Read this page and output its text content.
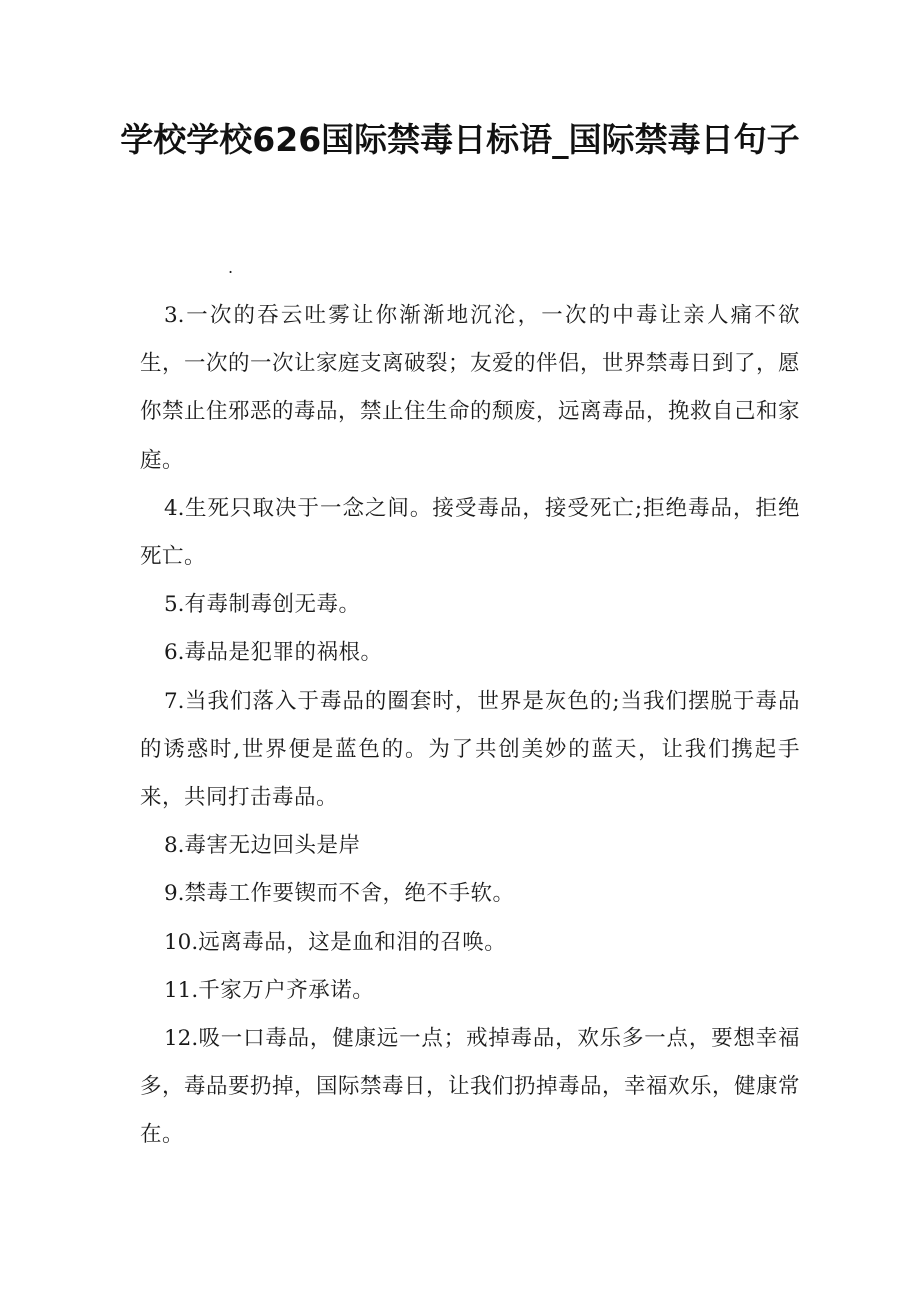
学校学校626国际禁毒日标语_国际禁毒日句子
.

3.一次的吞云吐雾让你渐渐地沉沦，一次的中毒让亲人痛不欲生，一次的一次让家庭支离破裂；友爱的伴侣，世界禁毒日到了，愿你禁止住邪恶的毒品，禁止住生命的颓废，远离毒品，挽救自己和家庭。

4.生死只取决于一念之间。接受毒品，接受死亡;拒绝毒品，拒绝死亡。

5.有毒制毒创无毒。

6.毒品是犯罪的祸根。

7.当我们落入于毒品的圈套时，世界是灰色的;当我们摆脱于毒品的诱惑时,世界便是蓝色的。为了共创美妙的蓝天，让我们携起手来，共同打击毒品。

8.毒害无边回头是岸

9.禁毒工作要锲而不舍，绝不手软。

10.远离毒品，这是血和泪的召唤。

11.千家万户齐承诺。

12.吸一口毒品，健康远一点；戒掉毒品，欢乐多一点，要想幸福多，毒品要扔掉，国际禁毒日，让我们扔掉毒品，幸福欢乐，健康常在。
